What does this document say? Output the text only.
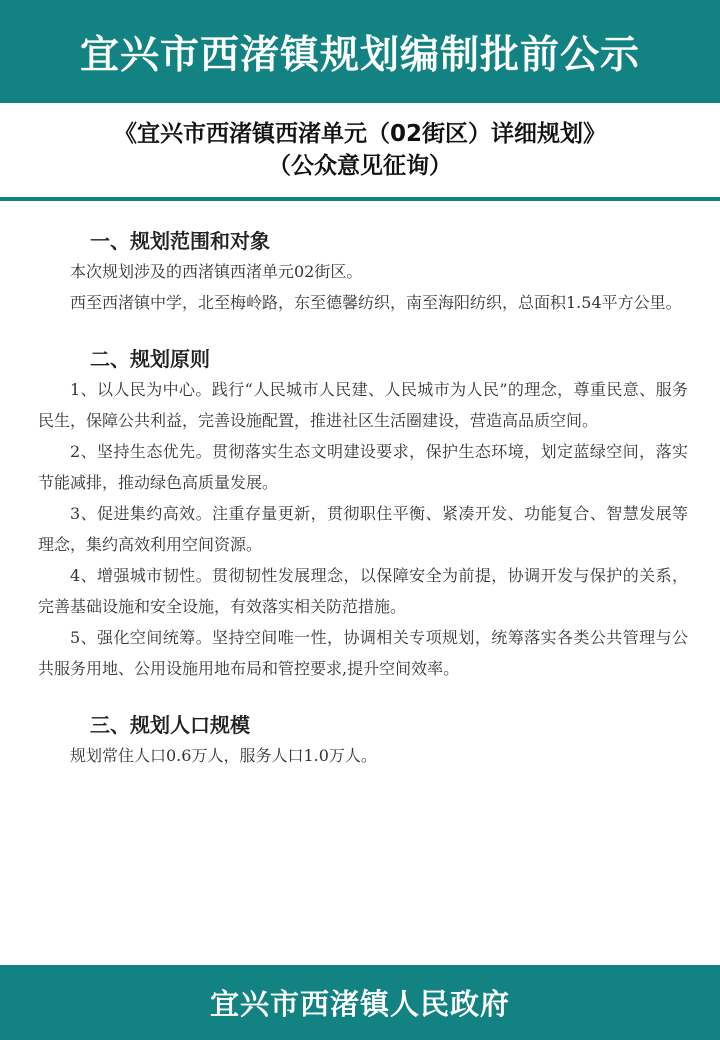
宜兴市西渚镇规划编制批前公示
《宜兴市西渚镇西渚单元（02街区）详细规划》
（公众意见征询）
一、规划范围和对象

本次规划涉及的西渚镇西渚单元02街区。

西至西渚镇中学，北至梅岭路，东至德馨纺织，南至海阳纺织，总面积1.54平方公里。

二、规划原则

1、以人民为中心。践行“人民城市人民建、人民城市为人民”的理念，尊重民意、服务民生，保障公共利益，完善设施配置，推进社区生活圈建设，营造高品质空间。

2、坚持生态优先。贯彻落实生态文明建设要求，保护生态环境，划定蓝绿空间，落实节能减排，推动绿色高质量发展。

3、促进集约高效。注重存量更新，贯彻职住平衡、紧凑开发、功能复合、智慧发展等理念，集约高效利用空间资源。

4、增强城市韧性。贯彻韧性发展理念，以保障安全为前提，协调开发与保护的关系，完善基础设施和安全设施，有效落实相关防范措施。

5、强化空间统筹。坚持空间唯一性，协调相关专项规划，统筹落实各类公共管理与公共服务用地、公用设施用地布局和管控要求,提升空间效率。

三、规划人口规模

规划常住人口0.6万人，服务人口1.0万人。

宜兴市西渚镇人民政府
